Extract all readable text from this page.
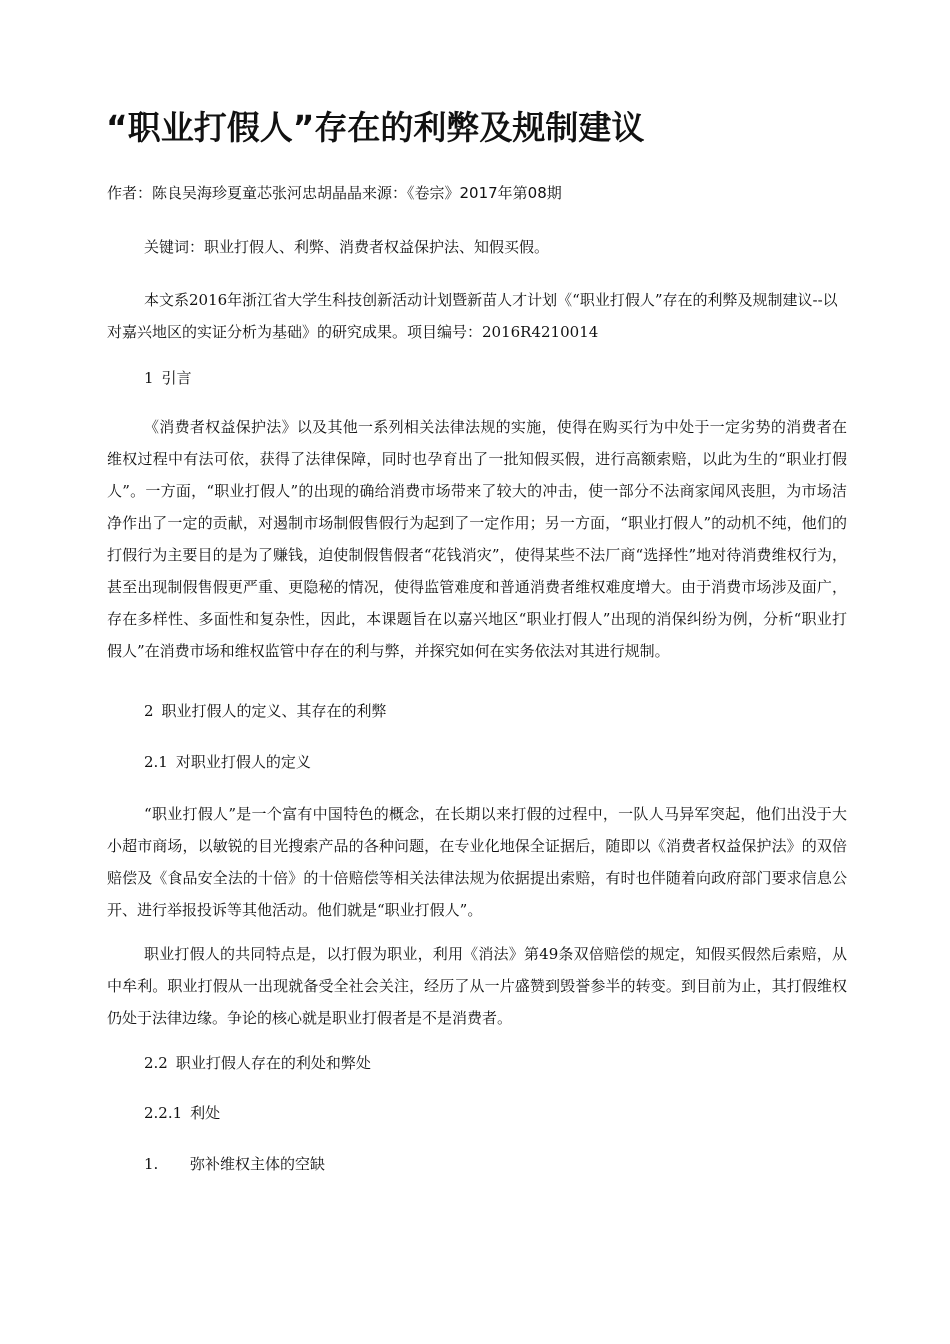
“职业打假人”存在的利弊及规制建议
作者：陈良吴海珍夏童芯张河忠胡晶晶来源：《卷宗》2017年第08期
关键词：职业打假人、利弊、消费者权益保护法、知假买假。

本文系2016年浙江省大学生科技创新活动计划暨新苗人才计划《“职业打假人”存在的利弊及规制建议--以对嘉兴地区的实证分析为基础》的研究成果。项目编号：2016R4210014

1 引言

《消费者权益保护法》以及其他一系列相关法律法规的实施，使得在购买行为中处于一定劣势的消费者在维权过程中有法可依，获得了法律保障，同时也孕育出了一批知假买假，进行高额索赔，以此为生的“职业打假人”。一方面，“职业打假人”的出现的确给消费市场带来了较大的冲击，使一部分不法商家闻风丧胆，为市场洁净作出了一定的贡献，对遏制市场制假售假行为起到了一定作用；另一方面，“职业打假人”的动机不纯，他们的打假行为主要目的是为了赚钱，迫使制假售假者“花钱消灾”，使得某些不法厂商“选择性”地对待消费维权行为，甚至出现制假售假更严重、更隐秘的情况，使得监管难度和普通消费者维权难度增大。由于消费市场涉及面广，存在多样性、多面性和复杂性，因此，本课题旨在以嘉兴地区“职业打假人”出现的消保纠纷为例，分析“职业打假人”在消费市场和维权监管中存在的利与弊，并探究如何在实务依法对其进行规制。

2 职业打假人的定义、其存在的利弊
2.1 对职业打假人的定义

“职业打假人”是一个富有中国特色的概念，在长期以来打假的过程中，一队人马异军突起，他们出没于大小超市商场，以敏锐的目光搜索产品的各种问题，在专业化地保全证据后，随即以《消费者权益保护法》的双倍赔偿及《食品安全法的十倍》的十倍赔偿等相关法律法规为依据提出索赔，有时也伴随着向政府部门要求信息公开、进行举报投诉等其他活动。他们就是“职业打假人”。

职业打假人的共同特点是，以打假为职业，利用《消法》第49条双倍赔偿的规定，知假买假然后索赔，从中牟利。职业打假从一出现就备受全社会关注，经历了从一片盛赞到毁誉参半的转变。到目前为止，其打假维权仍处于法律边缘。争论的核心就是职业打假者是不是消费者。

2.2 职业打假人存在的利处和弊处
2.2.1 利处
1. 弥补维权主体的空缺
